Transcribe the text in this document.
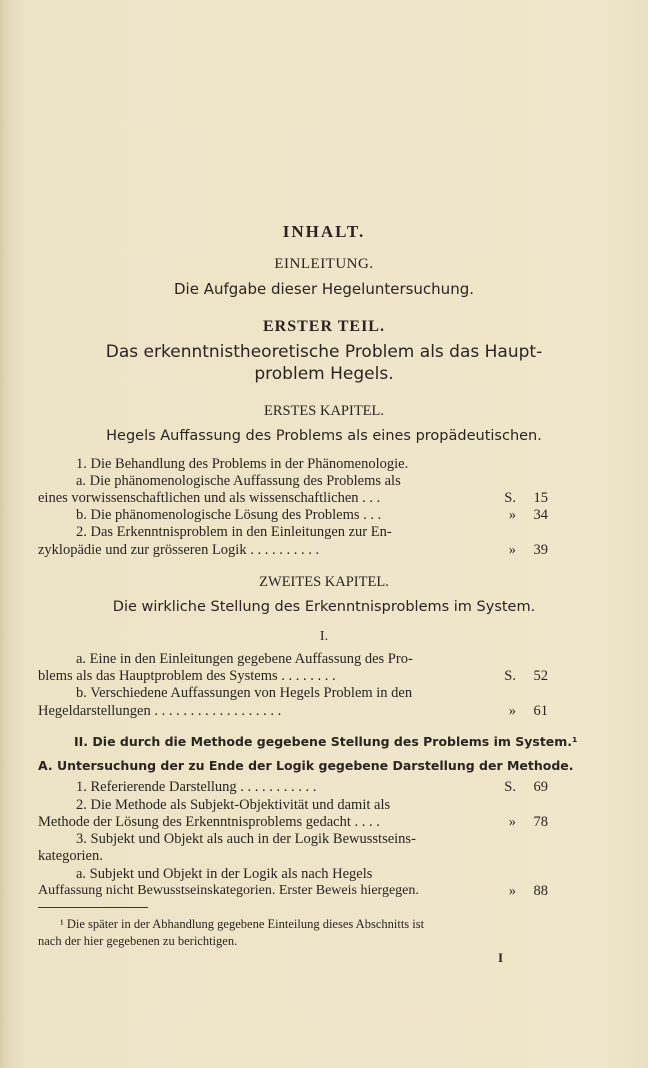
INHALT.
EINLEITUNG.
Die Aufgabe dieser Hegeluntersuchung.
ERSTER TEIL.
Das erkenntnistheoretische Problem als das Haupt-
problem Hegels.
ERSTES KAPITEL.
Hegels Auffassung des Problems als eines propädeutischen.
1. Die Behandlung des Problems in der Phänomenologie.
a. Die phänomenologische Auffassung des Problems als
eines vorwissenschaftlichen und als wissenschaftlichen . . .	S. 15
b. Die phänomenologische Lösung des Problems . . .	» 34
2. Das Erkenntnisproblem in den Einleitungen zur En-
zyklopädie und zur grösseren Logik . . . . . . . . . .	» 39
ZWEITES KAPITEL.
Die wirkliche Stellung des Erkenntnisproblems im System.
I.
a. Eine in den Einleitungen gegebene Auffassung des Pro-
blems als das Hauptproblem des Systems . . . . . . . .	S. 52
b. Verschiedene Auffassungen von Hegels Problem in den
Hegeldarstellungen . . . . . . . . . . . . . . . . . .	» 61
II. Die durch die Methode gegebene Stellung des Problems im System.¹
A. Untersuchung der zu Ende der Logik gegebene Darstellung der Methode.
1. Referierende Darstellung . . . . . . . . . . .	S. 69
2. Die Methode als Subjekt-Objektivität und damit als
Methode der Lösung des Erkenntnisproblems gedacht . . . .	» 78
3. Subjekt und Objekt als auch in der Logik Bewusstseins-
kategorien.
a. Subjekt und Objekt in der Logik als nach Hegels
Auffassung nicht Bewusstseinskategorien. Erster Beweis hiergegen.	» 88
¹ Die später in der Abhandlung gegebene Einteilung dieses Abschnitts ist
nach der hier gegebenen zu berichtigen.
I
